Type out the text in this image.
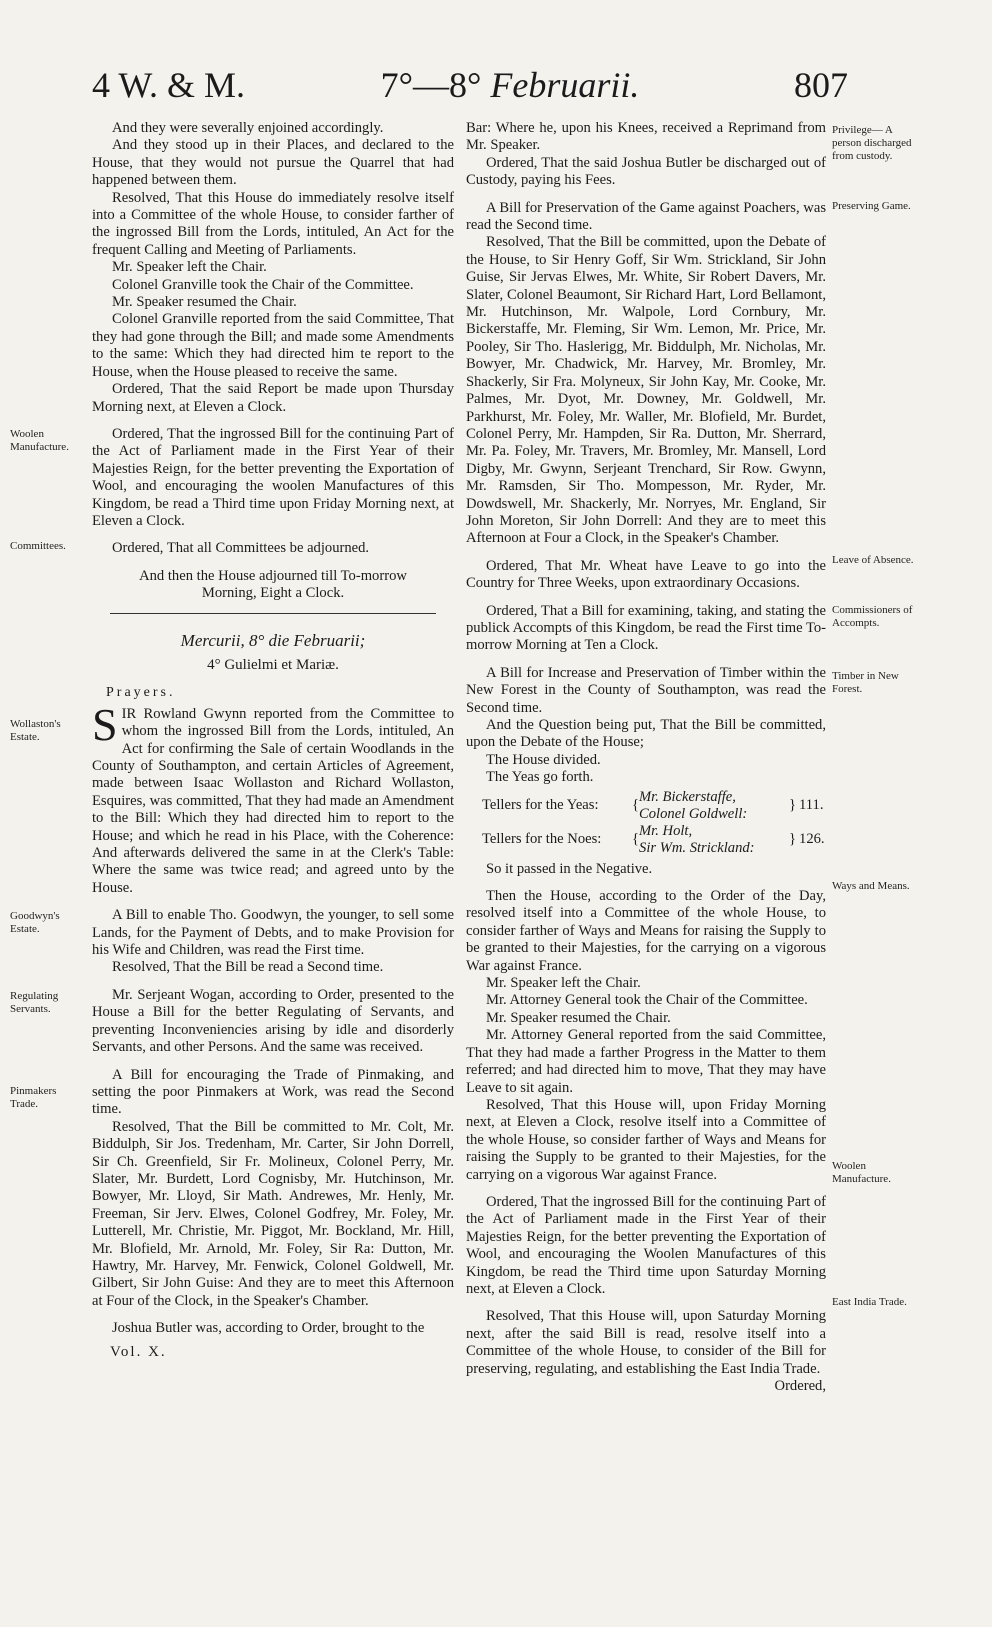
4 W. & M.	7°—8° Februarii.	807

And they were severally enjoined accordingly.

And they stood up in their Places, and declared to the House, that they would not pursue the Quarrel that had happened between them.

Resolved, That this House do immediately resolve itself into a Committee of the whole House, to consider farther of the ingrossed Bill from the Lords, intituled, An Act for the frequent Calling and Meeting of Parliaments.

Mr. Speaker left the Chair.

Colonel Granville took the Chair of the Committee.

Mr. Speaker resumed the Chair.

Colonel Granville reported from the said Committee, That they had gone through the Bill; and made some Amendments to the same: Which they had directed him te report to the House, when the House pleased to receive the same.

Ordered, That the said Report be made upon Thursday Morning next, at Eleven a Clock.

Ordered, That the ingrossed Bill for the continuing Part of the Act of Parliament made in the First Year of their Majesties Reign, for the better preventing the Exportation of Wool, and encouraging the woolen Manufactures of this Kingdom, be read a Third time upon Friday Morning next, at Eleven a Clock.

Ordered, That all Committees be adjourned.

And then the House adjourned till To-morrow Morning, Eight a Clock.

Mercurii, 8° die Februarii;

4° Gulielmi et Mariæ.

Prayers.

S IR Rowland Gwynn reported from the Committee to whom the ingrossed Bill from the Lords, intituled, An Act for confirming the Sale of certain Woodlands in the County of Southampton, and certain Articles of Agreement, made between Isaac Wollaston and Richard Wollaston, Esquires, was committed, That they had made an Amendment to the Bill: Which they had directed him to report to the House; and which he read in his Place, with the Coherence: And afterwards delivered the same in at the Clerk's Table: Where the same was twice read; and agreed unto by the House.

A Bill to enable Tho. Goodwyn, the younger, to sell some Lands, for the Payment of Debts, and to make Provision for his Wife and Children, was read the First time.

Resolved, That the Bill be read a Second time.

Mr. Serjeant Wogan, according to Order, presented to the House a Bill for the better Regulating of Servants, and preventing Inconveniencies arising by idle and disorderly Servants, and other Persons. And the same was received.

A Bill for encouraging the Trade of Pinmaking, and setting the poor Pinmakers at Work, was read the Second time.

Resolved, That the Bill be committed to Mr. Colt, Mr. Biddulph, Sir Jos. Tredenham, Mr. Carter, Sir John Dorrell, Sir Ch. Greenfield, Sir Fr. Molineux, Colonel Perry, Mr. Slater, Mr. Burdett, Lord Cognisby, Mr. Hutchinson, Mr. Bowyer, Mr. Lloyd, Sir Math. Andrewes, Mr. Henly, Mr. Freeman, Sir Jerv. Elwes, Colonel Godfrey, Mr. Foley, Mr. Lutterell, Mr. Christie, Mr. Piggot, Mr. Bockland, Mr. Hill, Mr. Blofield, Mr. Arnold, Mr. Foley, Sir Ra: Dutton, Mr. Hawtry, Mr. Harvey, Mr. Fenwick, Colonel Goldwell, Mr. Gilbert, Sir John Guise: And they are to meet this Afternoon at Four of the Clock, in the Speaker's Chamber.

Joshua Butler was, according to Order, brought to the

Bar: Where he, upon his Knees, received a Reprimand from Mr. Speaker.

Ordered, That the said Joshua Butler be discharged out of Custody, paying his Fees.

A Bill for Preservation of the Game against Poachers, was read the Second time.

Resolved, That the Bill be committed, upon the Debate of the House, to Sir Henry Goff, Sir Wm. Strickland, Sir John Guise, Sir Jervas Elwes, Mr. White, Sir Robert Davers, Mr. Slater, Colonel Beaumont, Sir Richard Hart, Lord Bellamont, Mr. Hutchinson, Mr. Walpole, Lord Cornbury, Mr. Bickerstaffe, Mr. Fleming, Sir Wm. Lemon, Mr. Price, Mr. Pooley, Sir Tho. Haslerigg, Mr. Biddulph, Mr. Nicholas, Mr. Bowyer, Mr. Chadwick, Mr. Harvey, Mr. Bromley, Mr. Shackerly, Sir Fra. Molyneux, Sir John Kay, Mr. Cooke, Mr. Palmes, Mr. Dyot, Mr. Downey, Mr. Goldwell, Mr. Parkhurst, Mr. Foley, Mr. Waller, Mr. Blofield, Mr. Burdet, Colonel Perry, Mr. Hampden, Sir Ra. Dutton, Mr. Sherrard, Mr. Pa. Foley, Mr. Travers, Mr. Bromley, Mr. Mansell, Lord Digby, Mr. Gwynn, Serjeant Trenchard, Sir Row. Gwynn, Mr. Ramsden, Sir Tho. Mompesson, Mr. Ryder, Mr. Dowdswell, Mr. Shackerly, Mr. Norryes, Mr. England, Sir John Moreton, Sir John Dorrell: And they are to meet this Afternoon at Four a Clock, in the Speaker's Chamber.

Ordered, That Mr. Wheat have Leave to go into the Country for Three Weeks, upon extraordinary Occasions.

Ordered, That a Bill for examining, taking, and stating the publick Accompts of this Kingdom, be read the First time To-morrow Morning at Ten a Clock.

A Bill for Increase and Preservation of Timber within the New Forest in the County of Southampton, was read the Second time.

And the Question being put, That the Bill be committed, upon the Debate of the House;

The House divided.

The Yeas go forth.

Tellers for the Yeas:	{	Mr. Bickerstaffe,
Colonel Goldwell:	}	111.
Tellers for the Noes:	{	Mr. Holt,
Sir Wm. Strickland:	}	126.

So it passed in the Negative.

Then the House, according to the Order of the Day, resolved itself into a Committee of the whole House, to consider farther of Ways and Means for raising the Supply to be granted to their Majesties, for the carrying on a vigorous War against France.

Mr. Speaker left the Chair.

Mr. Attorney General took the Chair of the Committee.

Mr. Speaker resumed the Chair.

Mr. Attorney General reported from the said Committee, That they had made a farther Progress in the Matter to them referred; and had directed him to move, That they may have Leave to sit again.

Resolved, That this House will, upon Friday Morning next, at Eleven a Clock, resolve itself into a Committee of the whole House, so consider farther of Ways and Means for raising the Supply to be granted to their Majesties, for the carrying on a vigorous War against France.

Ordered, That the ingrossed Bill for the continuing Part of the Act of Parliament made in the First Year of their Majesties Reign, for the better preventing the Exportation of Wool, and encouraging the Woolen Manufactures of this Kingdom, be read the Third time upon Saturday Morning next, at Eleven a Clock.

Resolved, That this House will, upon Saturday Morning next, after the said Bill is read, resolve itself into a Committee of the whole House, to consider of the Bill for preserving, regulating, and establishing the East India Trade.

Ordered,

Woolen Manufacture.
Committees.
Wollaston's Estate.
Goodwyn's Estate.
Regulating Servants.
Pinmakers Trade.
Privilege— A person discharged from custody.
Preserving Game.
Leave of Absence.
Commissioners of Accompts.
Timber in New Forest.
Ways and Means.
Woolen Manufacture.
East India Trade.
Vol. X.
